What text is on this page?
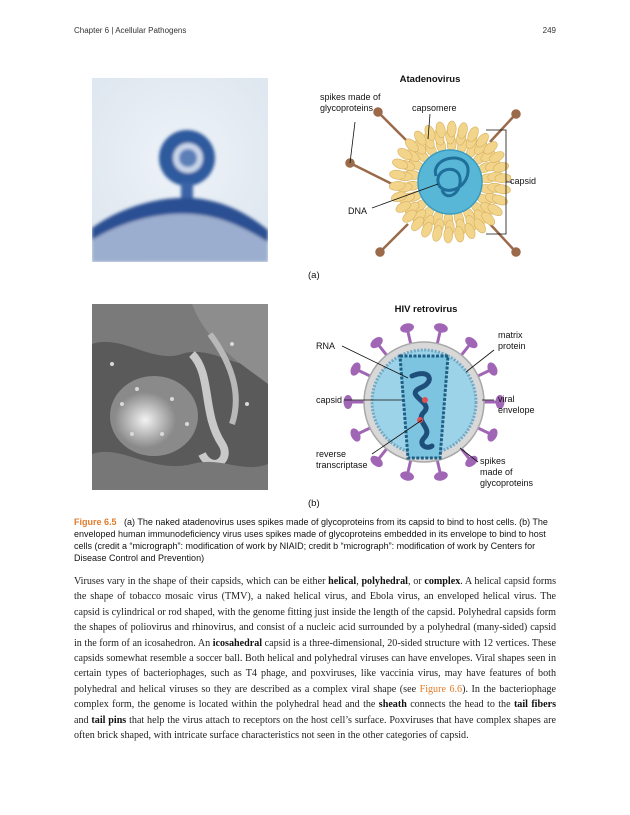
Chapter 6 | Acellular Pathogens	249
Atadenovirus
spikes made of
glycoproteins	capsomere
capsid
DNA
(a)
HIV retrovirus
RNA
matrix
protein
capsid	viral
envelope
reverse
transcriptase	spikes
made of
glycoproteins
(b)
Figure 6.5 (a) The naked atadenovirus uses spikes made of glycoproteins from its capsid to bind to host cells. (b) The enveloped human immunodeficiency virus uses spikes made of glycoproteins embedded in its envelope to bind to host cells (credit a “micrograph”: modification of work by NIAID; credit b “micrograph”: modification of work by Centers for Disease Control and Prevention)
Viruses vary in the shape of their capsids, which can be either helical, polyhedral, or complex. A helical capsid forms the shape of tobacco mosaic virus (TMV), a naked helical virus, and Ebola virus, an enveloped helical virus. The capsid is cylindrical or rod shaped, with the genome fitting just inside the length of the capsid. Polyhedral capsids form the shapes of poliovirus and rhinovirus, and consist of a nucleic acid surrounded by a polyhedral (many-sided) capsid in the form of an icosahedron. An icosahedral capsid is a three-dimensional, 20-sided structure with 12 vertices. These capsids somewhat resemble a soccer ball. Both helical and polyhedral viruses can have envelopes. Viral shapes seen in certain types of bacteriophages, such as T4 phage, and poxviruses, like vaccinia virus, may have features of both polyhedral and helical viruses so they are described as a complex viral shape (see Figure 6.6). In the bacteriophage complex form, the genome is located within the polyhedral head and the sheath connects the head to the tail fibers and tail pins that help the virus attach to receptors on the host cell’s surface. Poxviruses that have complex shapes are often brick shaped, with intricate surface characteristics not seen in the other categories of capsid.
